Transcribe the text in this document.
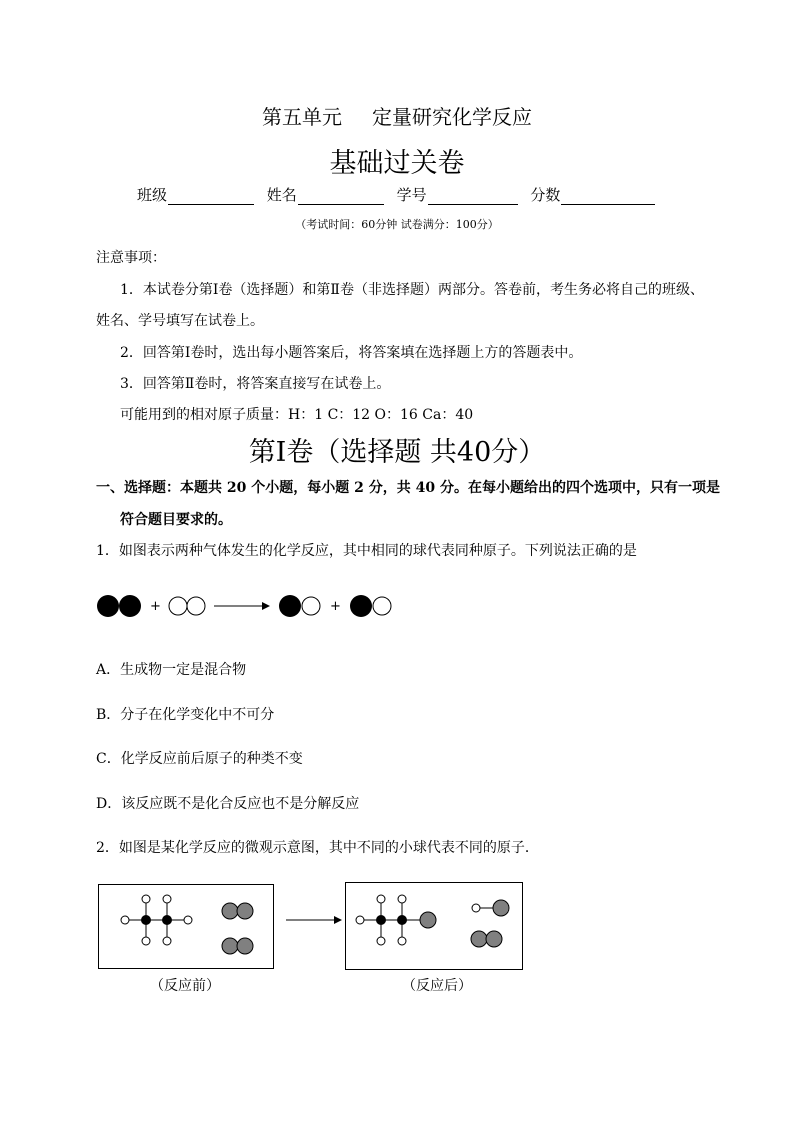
第五单元 定量研究化学反应
基础过关卷
班级	姓名	学号	分数
（考试时间：60分钟 试卷满分：100分）
注意事项：
1．本试卷分第Ⅰ卷（选择题）和第Ⅱ卷（非选择题）两部分。答卷前，考生务必将自己的班级、
姓名、学号填写在试卷上。
2．回答第Ⅰ卷时，选出每小题答案后，将答案填在选择题上方的答题表中。
3．回答第Ⅱ卷时，将答案直接写在试卷上。
可能用到的相对原子质量：H：1 C：12 O：16 Ca：40
第Ⅰ卷（选择题 共40分）
一、选择题：本题共 20 个小题，每小题 2 分，共 40 分。在每小题给出的四个选项中，只有一项是
符合题目要求的。
1．如图表示两种气体发生的化学反应，其中相同的球代表同种原子。下列说法正确的是
+	+
A．生成物一定是混合物
B．分子在化学变化中不可分
C．化学反应前后原子的种类不变
D．该反应既不是化合反应也不是分解反应
2．如图是某化学反应的微观示意图，其中不同的小球代表不同的原子．
（反应前）	（反应后）
